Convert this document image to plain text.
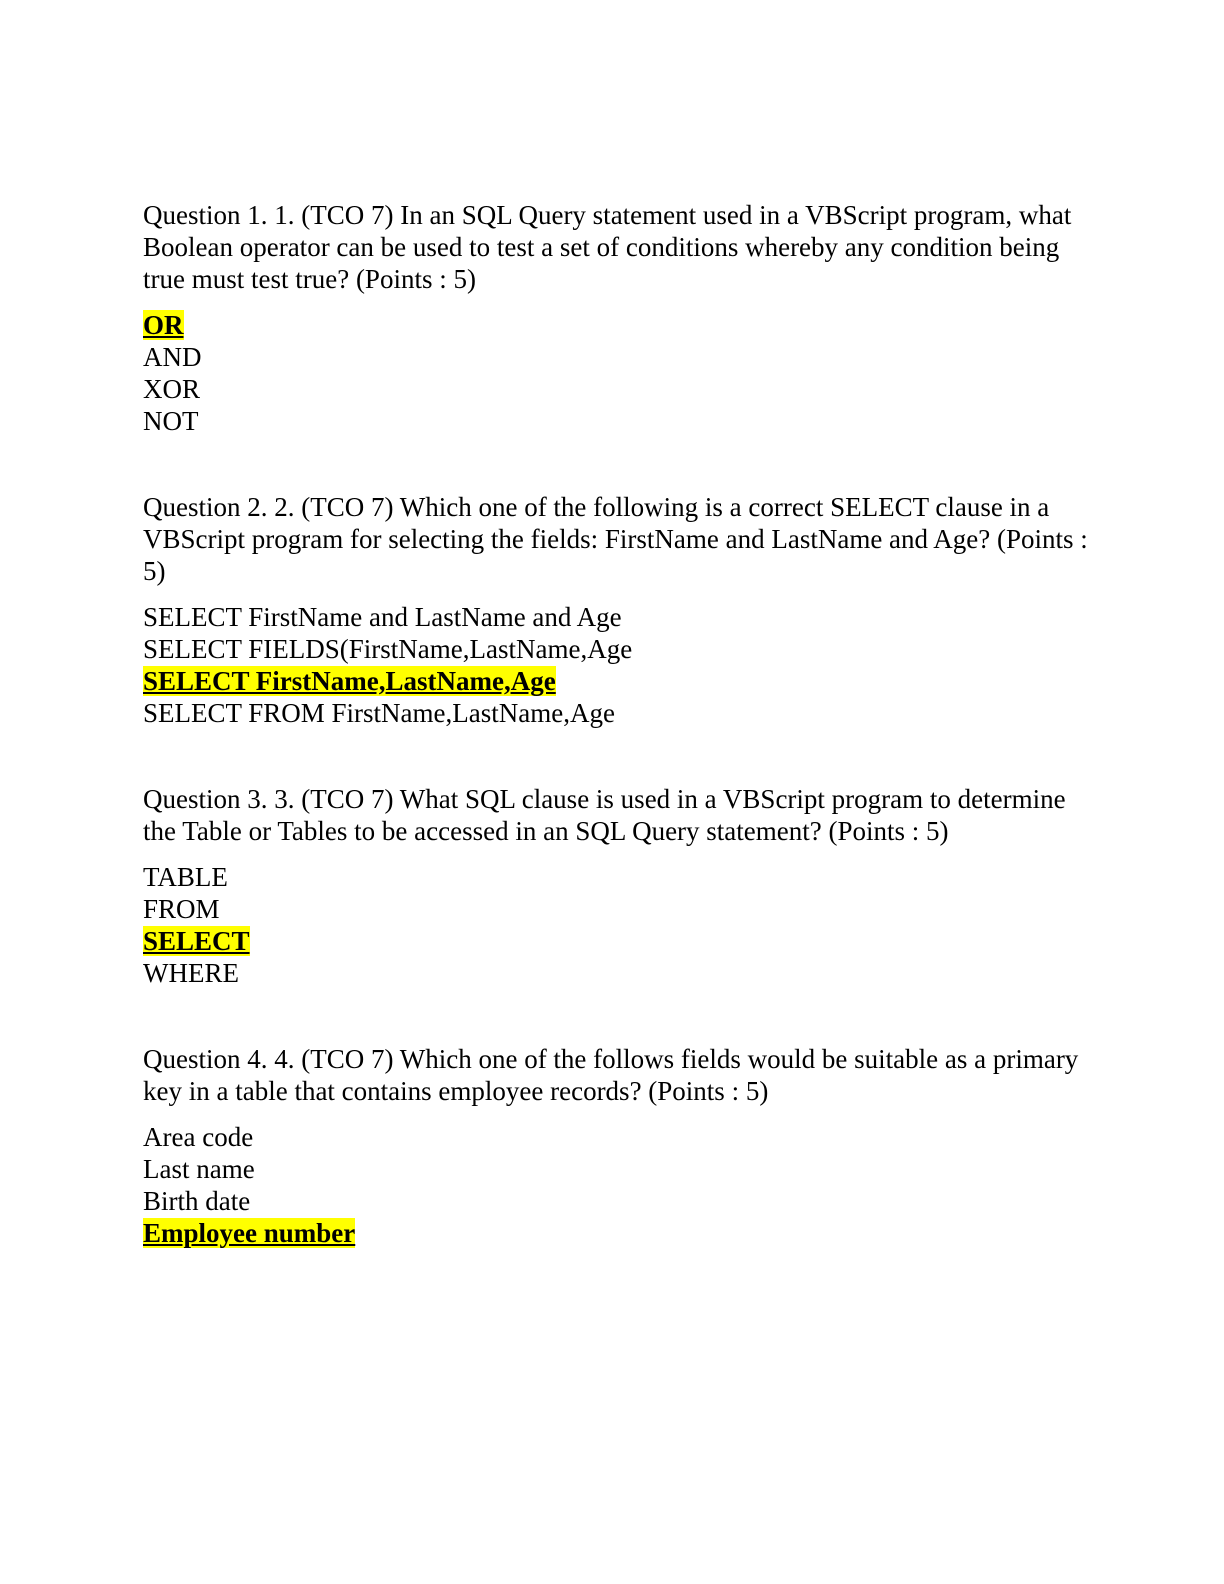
Question 1. 1. (TCO 7) In an SQL Query statement used in a VBScript program, what Boolean operator can be used to test a set of conditions whereby any condition being true must test true? (Points : 5)

OR
AND
XOR
NOT

Question 2. 2. (TCO 7) Which one of the following is a correct SELECT clause in a VBScript program for selecting the fields: FirstName and LastName and Age? (Points : 5)

SELECT FirstName and LastName and Age
SELECT FIELDS(FirstName,LastName,Age
SELECT FirstName,LastName,Age
SELECT FROM FirstName,LastName,Age

Question 3. 3. (TCO 7) What SQL clause is used in a VBScript program to determine the Table or Tables to be accessed in an SQL Query statement? (Points : 5)

TABLE
FROM
SELECT
WHERE

Question 4. 4. (TCO 7) Which one of the follows fields would be suitable as a primary key in a table that contains employee records? (Points : 5)

Area code
Last name
Birth date
Employee number
